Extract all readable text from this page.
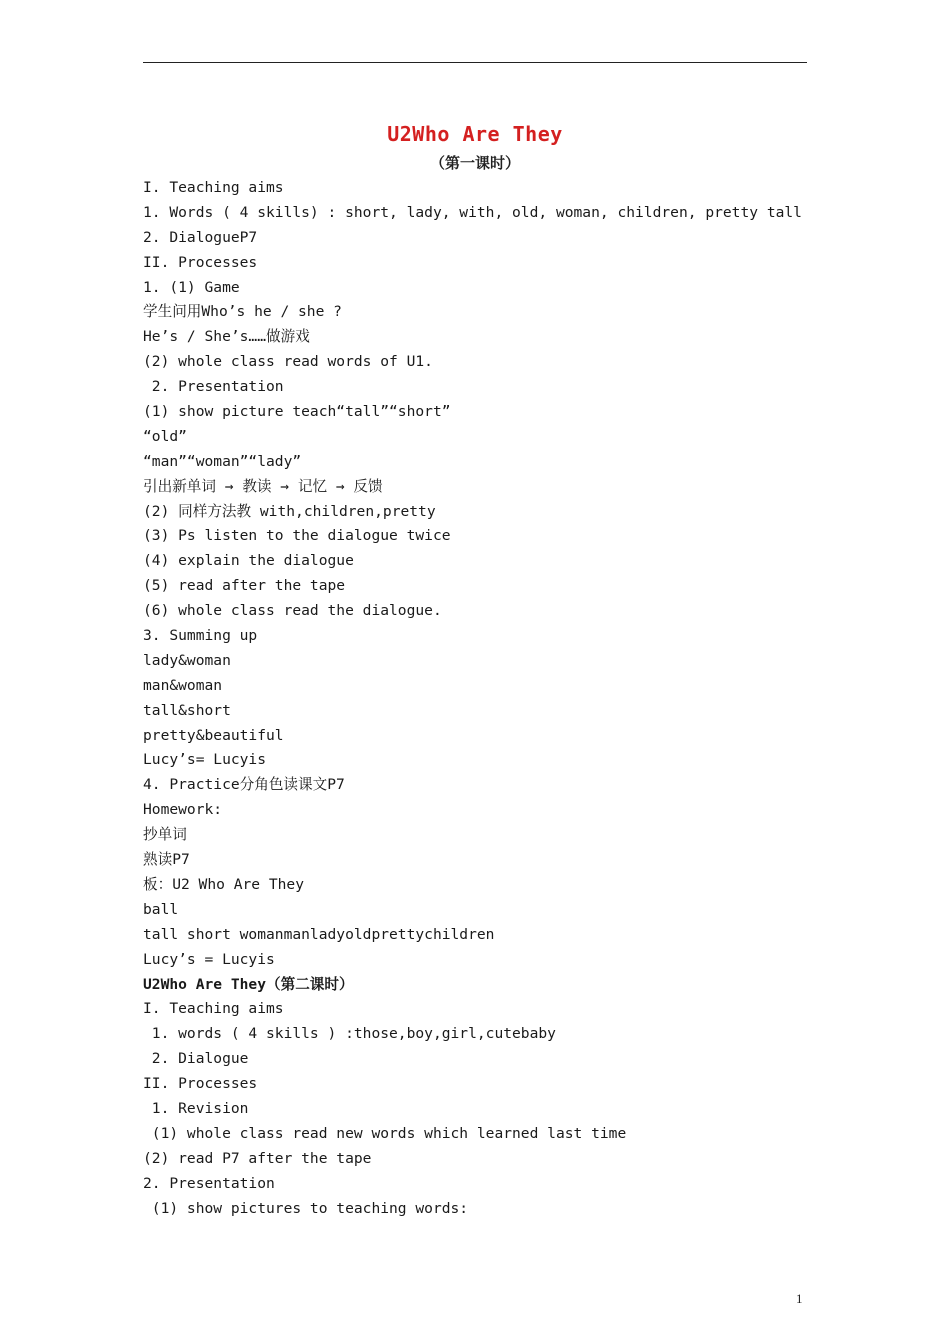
U2Who Are They
（第一课时）
I. Teaching aims
1. Words ( 4 skills) : short, lady, with, old, woman, children, pretty tall
2. DialogueP7
II. Processes
1. (1) Game
学生问用Who’s he / she ?
He’s / She’s……做游戏
(2) whole class read words of U1.
2. Presentation
(1) show picture teach“tall”“short”
“old”
“man”“woman”“lady”
引出新单词 → 教读 → 记忆 → 反馈
(2) 同样方法教 with,children,pretty
(3) Ps listen to the dialogue twice
(4) explain the dialogue
(5) read after the tape
(6) whole class read the dialogue.
3. Summing up
lady&woman
man&woman
tall&short
pretty&beautiful
Lucy’s= Lucyis
4. Practice分角色读课文P7
Homework:
抄单词
熟读P7
板：U2 Who Are They
ball
tall short womanmanladyoldprettychildren
Lucy’s = Lucyis
U2Who Are They（第二课时）
I. Teaching aims
1. words ( 4 skills ) :those,boy,girl,cutebaby
2. Dialogue
II. Processes
1. Revision
(1) whole class read new words which learned last time
(2) read P7 after the tape
2. Presentation
(1) show pictures to teaching words:
1
